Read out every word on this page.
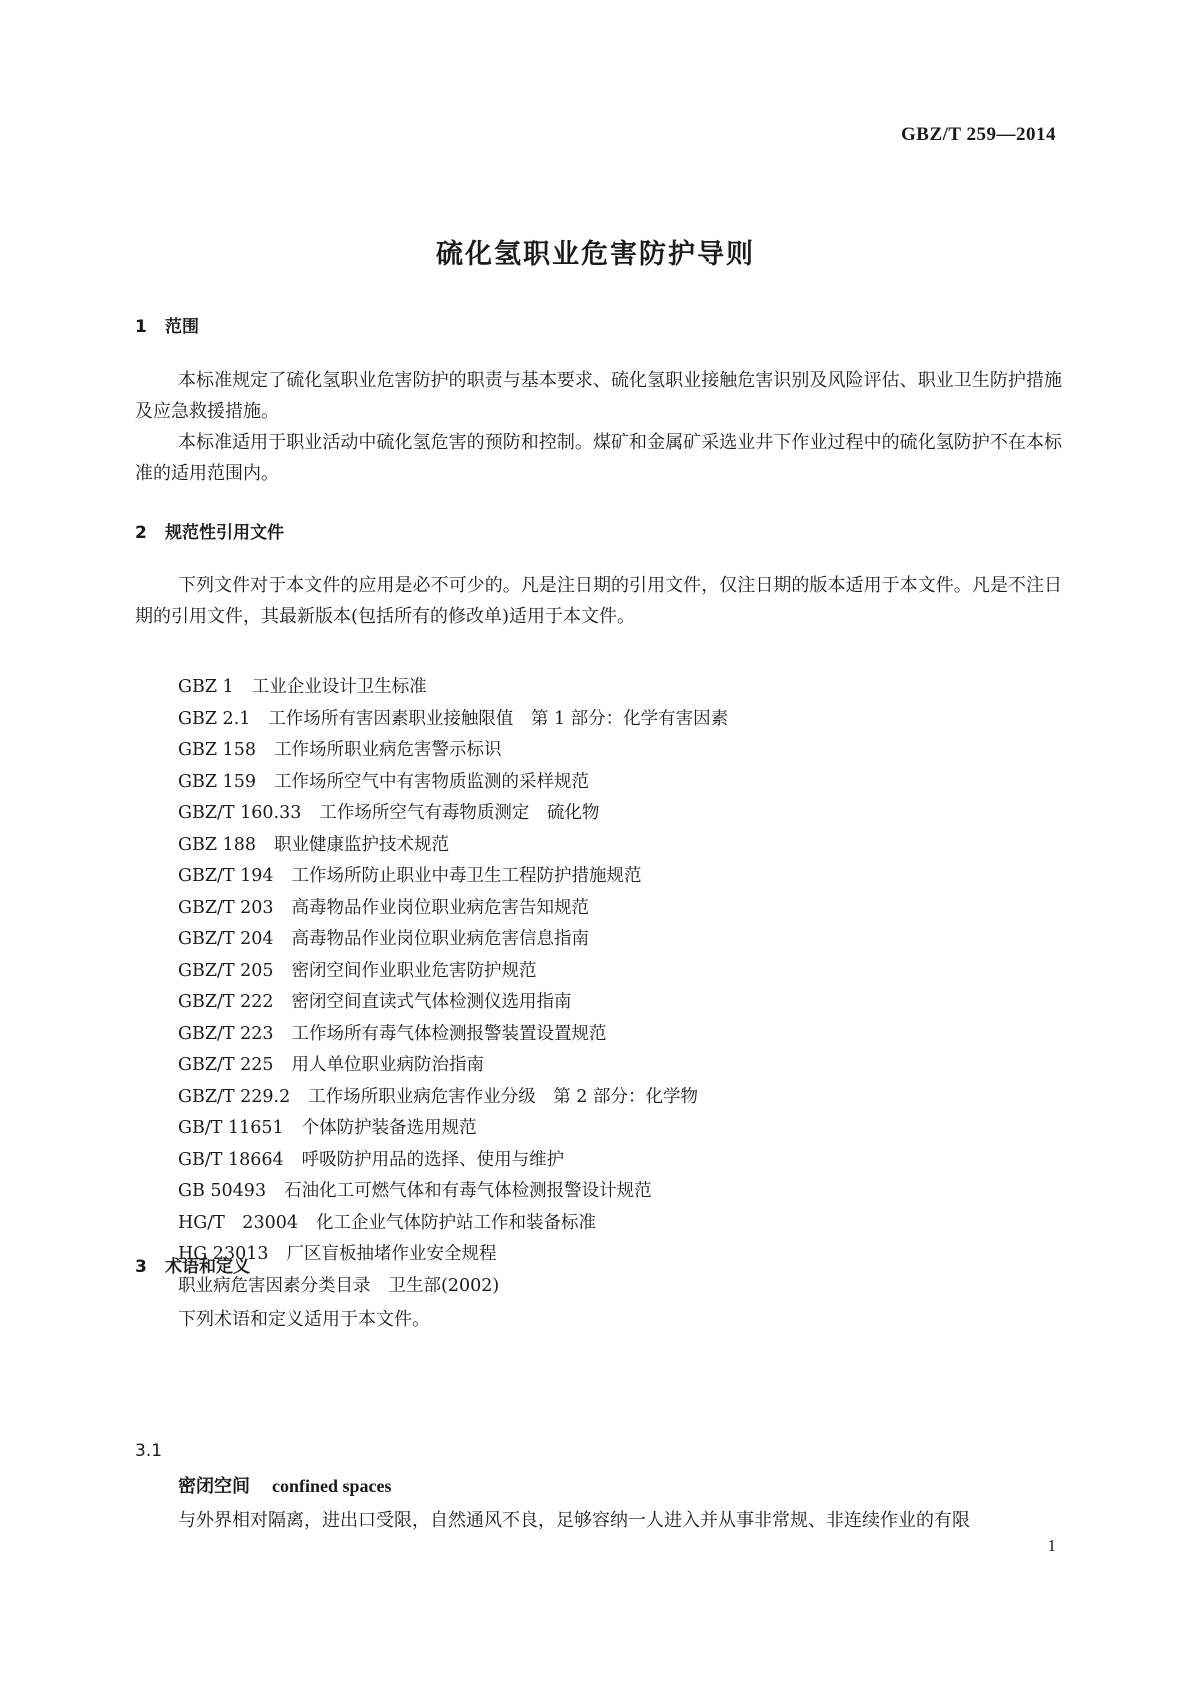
GBZ/T 259—2014
硫化氢职业危害防护导则
1 范围

本标准规定了硫化氢职业危害防护的职责与基本要求、硫化氢职业接触危害识别及风险评估、职业卫生防护措施及应急救援措施。

本标准适用于职业活动中硫化氢危害的预防和控制。煤矿和金属矿采选业井下作业过程中的硫化氢防护不在本标准的适用范围内。

2 规范性引用文件

下列文件对于本文件的应用是必不可少的。凡是注日期的引用文件，仅注日期的版本适用于本文件。凡是不注日期的引用文件，其最新版本(包括所有的修改单)适用于本文件。

GBZ 1 工业企业设计卫生标准
GBZ 2.1 工作场所有害因素职业接触限值　第 1 部分：化学有害因素
GBZ 158 工作场所职业病危害警示标识
GBZ 159 工作场所空气中有害物质监测的采样规范
GBZ/T 160.33 工作场所空气有毒物质测定　硫化物
GBZ 188 职业健康监护技术规范
GBZ/T 194 工作场所防止职业中毒卫生工程防护措施规范
GBZ/T 203 高毒物品作业岗位职业病危害告知规范
GBZ/T 204 高毒物品作业岗位职业病危害信息指南
GBZ/T 205 密闭空间作业职业危害防护规范
GBZ/T 222 密闭空间直读式气体检测仪选用指南
GBZ/T 223 工作场所有毒气体检测报警装置设置规范
GBZ/T 225 用人单位职业病防治指南
GBZ/T 229.2 工作场所职业病危害作业分级　第 2 部分：化学物
GB/T 11651 个体防护装备选用规范
GB/T 18664 呼吸防护用品的选择、使用与维护
GB 50493 石油化工可燃气体和有毒气体检测报警设计规范
HG/T　23004 化工企业气体防护站工作和装备标准
HG 23013 厂区盲板抽堵作业安全规程
职业病危害因素分类目录 卫生部(2002)
3 术语和定义

下列术语和定义适用于本文件。

3.1
密闭空间 confined spaces
与外界相对隔离，进出口受限，自然通风不良，足够容纳一人进入并从事非常规、非连续作业的有限
1
